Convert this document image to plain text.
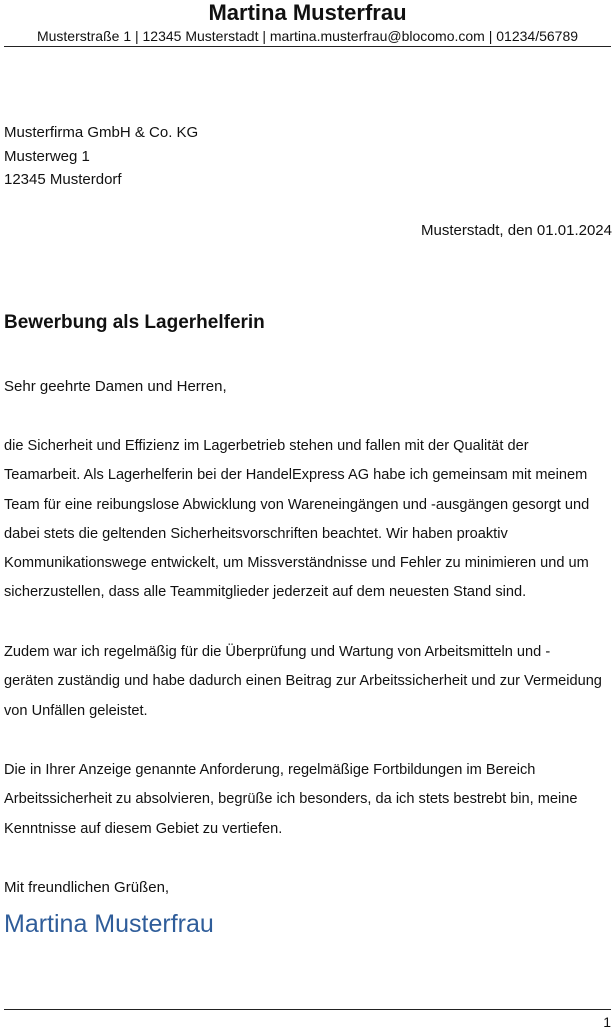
Martina Musterfrau
Musterstraße 1 | 12345 Musterstadt | martina.musterfrau@blocomo.com | 01234/56789
Musterfirma GmbH & Co. KG
Musterweg 1
12345 Musterdorf
Musterstadt, den 01.01.2024
Bewerbung als Lagerhelferin
Sehr geehrte Damen und Herren,
die Sicherheit und Effizienz im Lagerbetrieb stehen und fallen mit der Qualität der
Teamarbeit. Als Lagerhelferin bei der HandelExpress AG habe ich gemeinsam mit meinem
Team für eine reibungslose Abwicklung von Wareneingängen und -ausgängen gesorgt und
dabei stets die geltenden Sicherheitsvorschriften beachtet. Wir haben proaktiv
Kommunikationswege entwickelt, um Missverständnisse und Fehler zu minimieren und um
sicherzustellen, dass alle Teammitglieder jederzeit auf dem neuesten Stand sind.
Zudem war ich regelmäßig für die Überprüfung und Wartung von Arbeitsmitteln und -
geräten zuständig und habe dadurch einen Beitrag zur Arbeitssicherheit und zur Vermeidung
von Unfällen geleistet.
Die in Ihrer Anzeige genannte Anforderung, regelmäßige Fortbildungen im Bereich
Arbeitssicherheit zu absolvieren, begrüße ich besonders, da ich stets bestrebt bin, meine
Kenntnisse auf diesem Gebiet zu vertiefen.
Mit freundlichen Grüßen,
Martina Musterfrau
1
